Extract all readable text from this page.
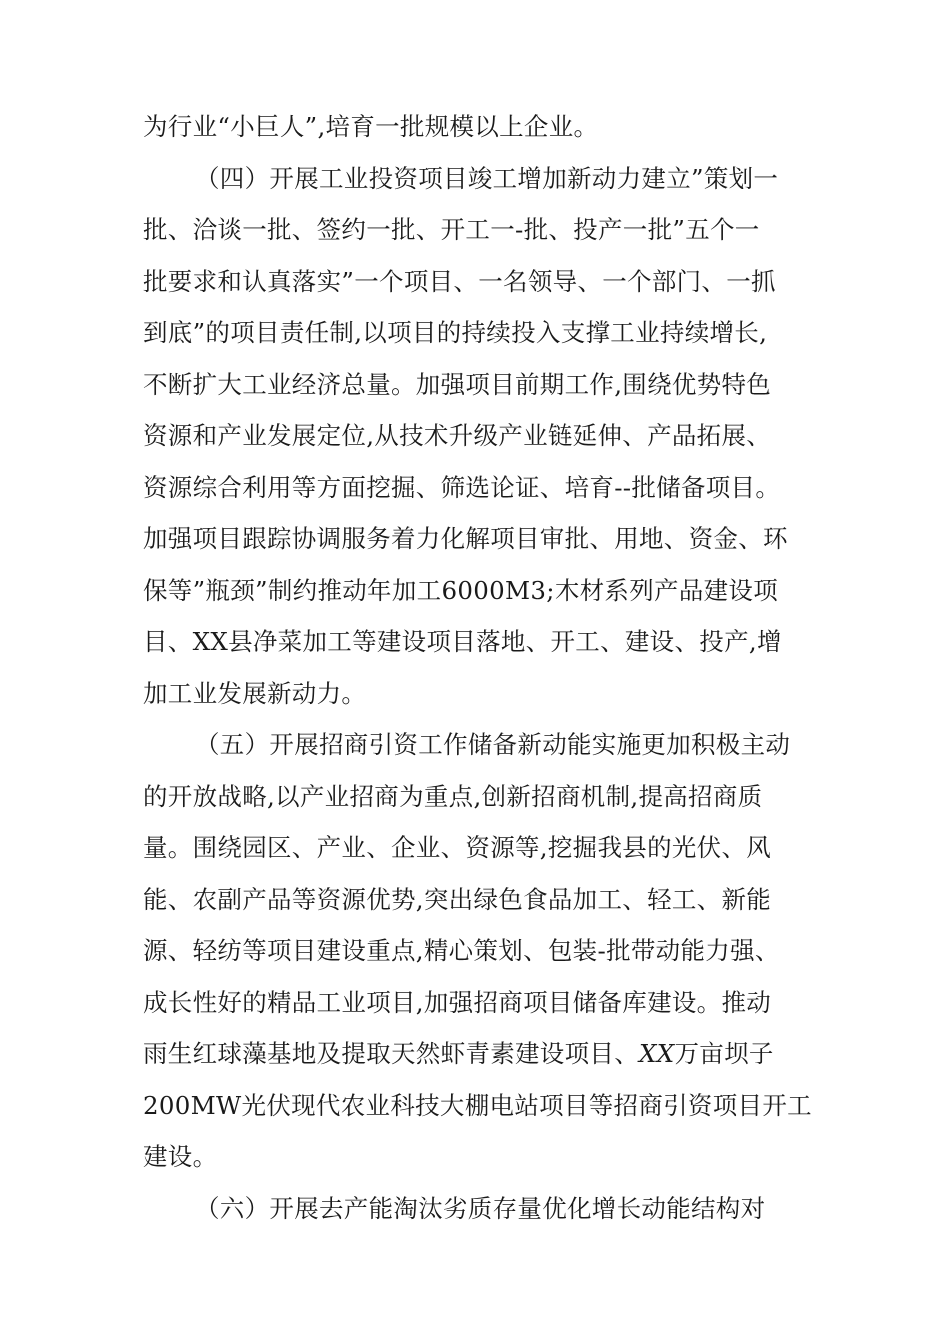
为行业“小巨人”,培育一批规模以上企业。
（四）开展工业投资项目竣工增加新动力建立”策划一
批、洽谈一批、签约一批、开工一-批、投产一批”五个一
批要求和认真落实”一个项目、一名领导、一个部门、一抓
到底”的项目责任制,以项目的持续投入支撑工业持续增长,
不断扩大工业经济总量。加强项目前期工作,围绕优势特色
资源和产业发展定位,从技术升级产业链延伸、产品拓展、
资源综合利用等方面挖掘、筛选论证、培育--批储备项目。
加强项目跟踪协调服务着力化解项目审批、用地、资金、环
保等”瓶颈”制约推动年加工6000M3;木材系列产品建设项
目、XX县净菜加工等建设项目落地、开工、建设、投产,增
加工业发展新动力。
（五）开展招商引资工作储备新动能实施更加积极主动
的开放战略,以产业招商为重点,创新招商机制,提高招商质
量。围绕园区、产业、企业、资源等,挖掘我县的光伏、风
能、农副产品等资源优势,突出绿色食品加工、轻工、新能
源、轻纺等项目建设重点,精心策划、包装-批带动能力强、
成长性好的精品工业项目,加强招商项目储备库建设。推动
雨生红球藻基地及提取天然虾青素建设项目、XX万亩坝子
200MW光伏现代农业科技大棚电站项目等招商引资项目开工
建设。
（六）开展去产能淘汰劣质存量优化增长动能结构对
